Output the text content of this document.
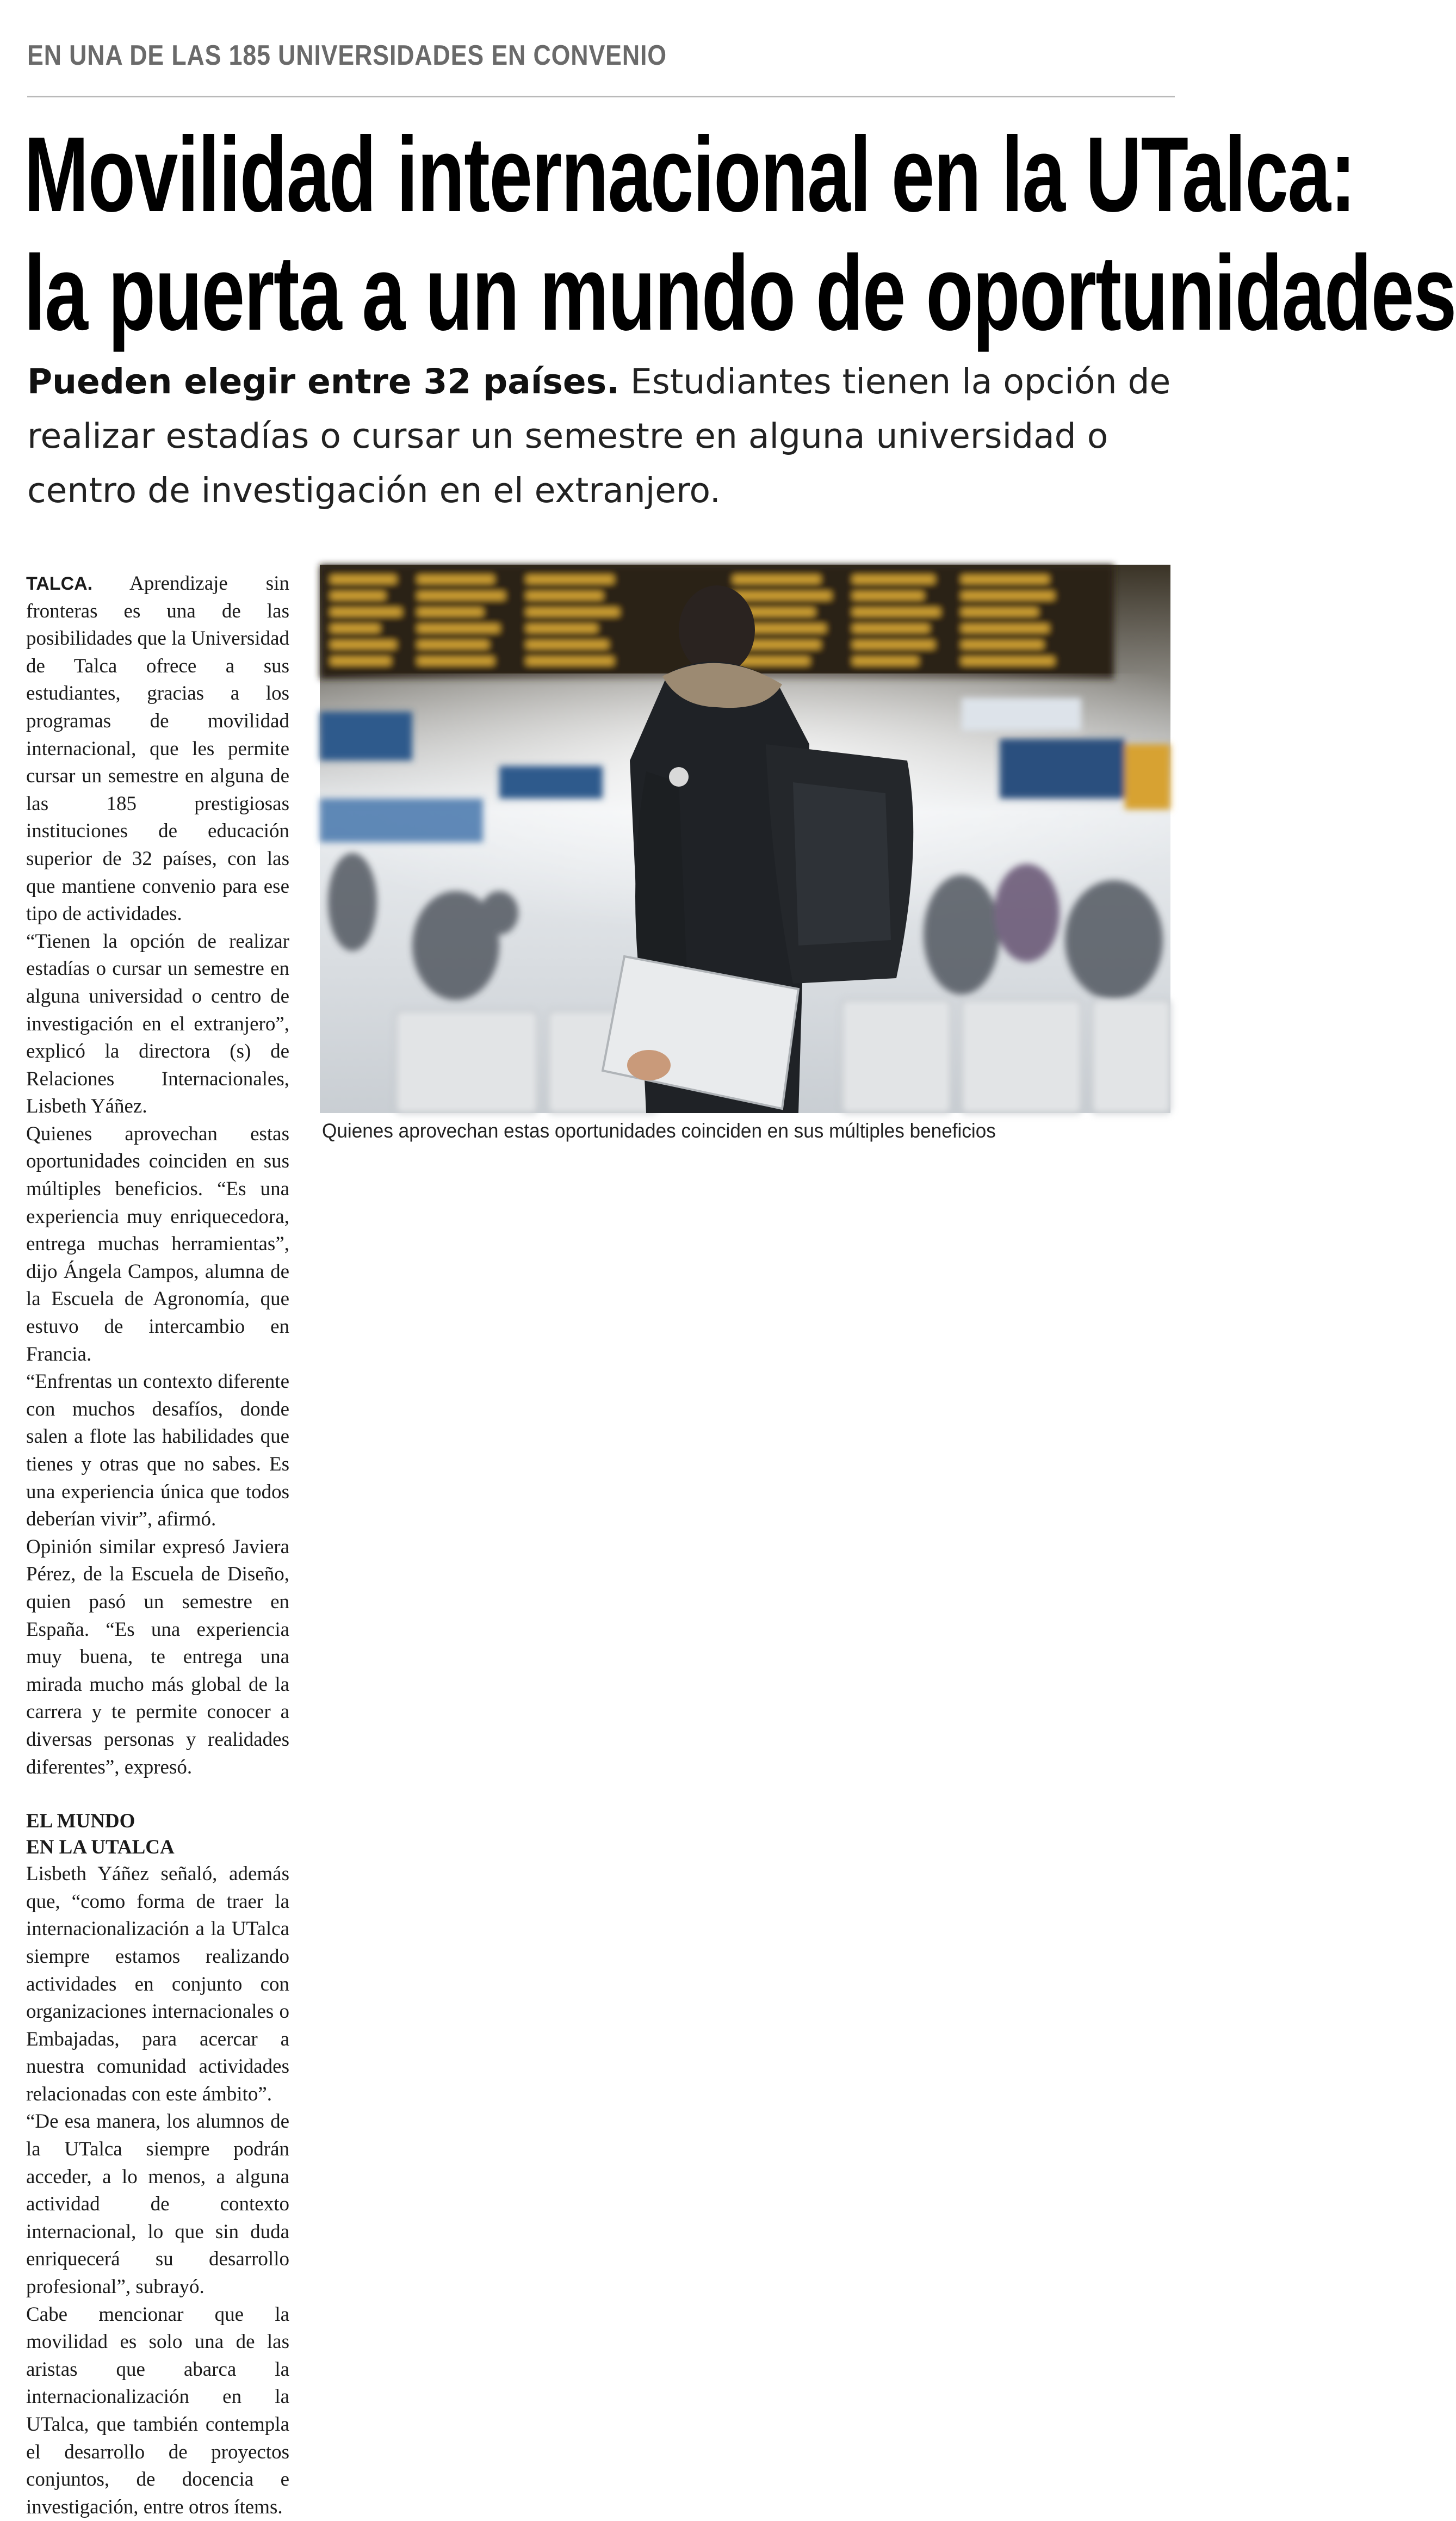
EN UNA DE LAS 185 UNIVERSIDADES EN CONVENIO
Movilidad internacional en la UTalca:
la puerta a un mundo de oportunidades
Pueden elegir entre 32 países. Estudiantes tienen la opción de realizar estadías o cursar un semestre en alguna universidad o centro de investigación en el extranjero.

TALCA. Aprendizaje sin fronteras es una de las posibilidades que la Universidad de Talca ofrece a sus estudiantes, gracias a los programas de movilidad internacional, que les permite cursar un semestre en alguna de las 185 prestigiosas instituciones de educación superior de 32 países, con las que mantiene convenio para ese tipo de actividades.

“Tienen la opción de realizar estadías o cursar un semestre en alguna universidad o centro de investigación en el extranjero”, explicó la directora (s) de Relaciones Internacionales, Lisbeth Yáñez.

Quienes aprovechan estas oportunidades coinciden en sus múltiples beneficios. “Es una experiencia muy enriquecedora, entrega muchas herramientas”, dijo Ángela Campos, alumna de la Escuela de Agronomía, que estuvo de intercambio en Francia.

“Enfrentas un contexto diferente con muchos desafíos, donde salen a flote las habilidades que tienes y otras que no sabes. Es una experiencia única que todos deberían vivir”, afirmó.

Opinión similar expresó Javiera Pérez, de la Escuela de Diseño, quien pasó un semestre en España. “Es una experiencia muy buena, te entrega una mirada mucho más global de la carrera y te permite conocer a diversas personas y realidades diferentes”, expresó.

EL MUNDO
EN LA UTALCA

Lisbeth Yáñez señaló, además que, “como forma de traer la internacionalización a la UTalca siempre estamos realizando actividades en conjunto con organizaciones internacionales o Embajadas, para acercar a nuestra comunidad actividades relacionadas con este ámbito”.

“De esa manera, los alumnos de la UTalca siempre podrán acceder, a lo menos, a alguna actividad de contexto internacional, lo que sin duda enriquecerá su desarrollo profesional”, subrayó.

Cabe mencionar que la movilidad es solo una de las aristas que abarca la internacionalización en la UTalca, que también contempla el desarrollo de proyectos conjuntos, de docencia e investigación, entre otros ítems.

Quienes aprovechan estas oportunidades coinciden en sus múltiples beneficios
